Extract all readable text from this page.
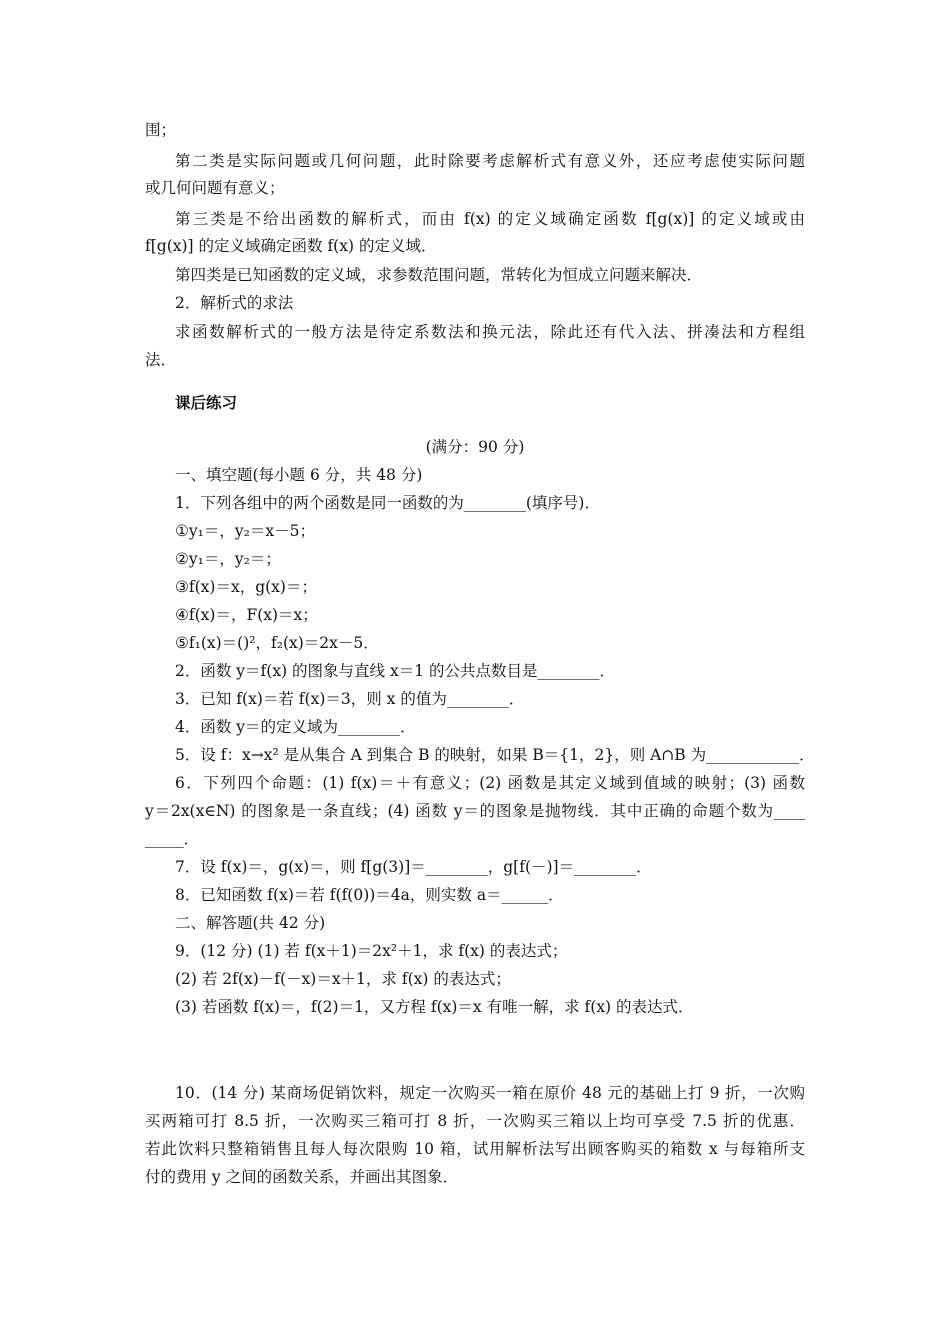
围；
第二类是实际问题或几何问题，此时除要考虑解析式有意义外，还应考虑使实际问题
或几何问题有意义；
第三类是不给出函数的解析式，而由 f(x) 的定义域确定函数 f[g(x)] 的定义域或由
f[g(x)] 的定义域确定函数 f(x) 的定义域．
第四类是已知函数的定义域，求参数范围问题，常转化为恒成立问题来解决．
2．解析式的求法
求函数解析式的一般方法是待定系数法和换元法，除此还有代入法、拼凑法和方程组
法．
课后练习
(满分：90 分)
一、填空题(每小题 6 分，共 48 分)
1．下列各组中的两个函数是同一函数的为________(填序号)．
①y₁＝，y₂＝x－5；
②y₁＝，y₂＝；
③f(x)＝x，g(x)＝；
④f(x)＝，F(x)＝x；
⑤f₁(x)＝()²，f₂(x)＝2x－5．
2．函数 y＝f(x) 的图象与直线 x＝1 的公共点数目是________．
3．已知 f(x)＝若 f(x)＝3，则 x 的值为________．
4．函数 y＝的定义域为________．
5．设 f：x→x² 是从集合 A 到集合 B 的映射，如果 B＝{1，2}，则 A∩B 为____________．
6．下列四个命题：(1) f(x)＝＋有意义；(2) 函数是其定义域到值域的映射；(3) 函数
y＝2x(x∈N) 的图象是一条直线；(4) 函数 y＝的图象是抛物线．其中正确的命题个数为____
_____．
7．设 f(x)＝，g(x)＝，则 f[g(3)]＝________，g[f(－)]＝________．
8．已知函数 f(x)＝若 f(f(0))＝4a，则实数 a＝______．
二、解答题(共 42 分)
9．(12 分) (1) 若 f(x＋1)＝2x²＋1，求 f(x) 的表达式；
(2) 若 2f(x)－f(－x)＝x＋1，求 f(x) 的表达式；
(3) 若函数 f(x)＝，f(2)＝1，又方程 f(x)＝x 有唯一解，求 f(x) 的表达式．
10．(14 分) 某商场促销饮料，规定一次购买一箱在原价 48 元的基础上打 9 折，一次购
买两箱可打 8.5 折，一次购买三箱可打 8 折，一次购买三箱以上均可享受 7.5 折的优惠．
若此饮料只整箱销售且每人每次限购 10 箱，试用解析法写出顾客购买的箱数 x 与每箱所支
付的费用 y 之间的函数关系，并画出其图象．
